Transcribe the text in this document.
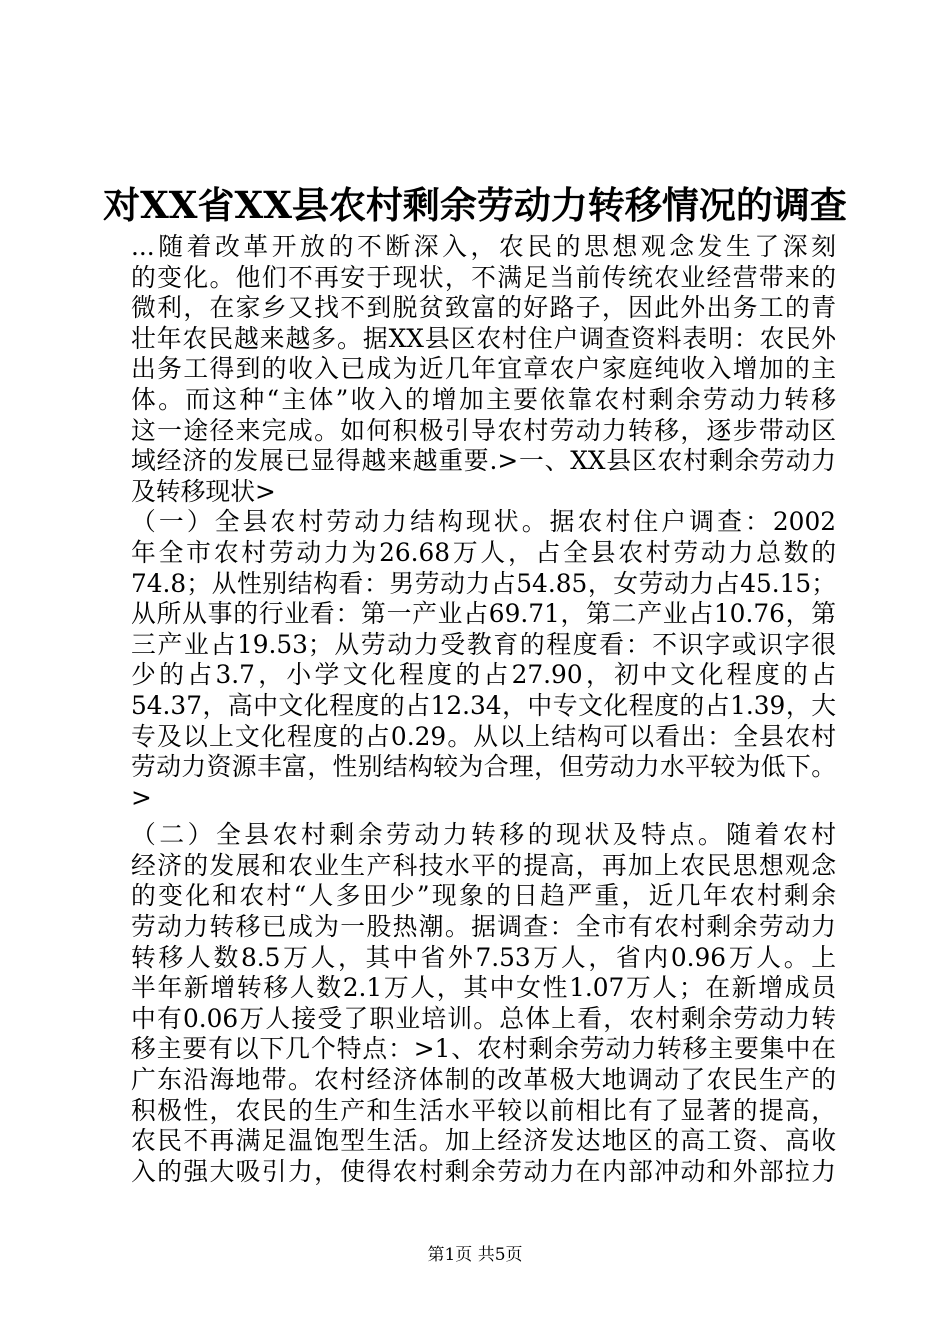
对XX省XX县农村剩余劳动力转移情况的调查
...随着改革开放的不断深入，农民的思想观念发生了深刻
的变化。他们不再安于现状，不满足当前传统农业经营带来的
微利，在家乡又找不到脱贫致富的好路子，因此外出务工的青
壮年农民越来越多。据XX县区农村住户调查资料表明：农民外
出务工得到的收入已成为近几年宜章农户家庭纯收入增加的主
体。而这种“主体”收入的增加主要依靠农村剩余劳动力转移
这一途径来完成。如何积极引导农村劳动力转移，逐步带动区
域经济的发展已显得越来越重要.>一、XX县区农村剩余劳动力
及转移现状>
（一）全县农村劳动力结构现状。据农村住户调查：2002
年全市农村劳动力为26.68万人，占全县农村劳动力总数的
74.8；从性别结构看：男劳动力占54.85，女劳动力占45.15；
从所从事的行业看：第一产业占69.71，第二产业占10.76，第
三产业占19.53；从劳动力受教育的程度看：不识字或识字很
少的占3.7，小学文化程度的占27.90，初中文化程度的占
54.37，高中文化程度的占12.34，中专文化程度的占1.39，大
专及以上文化程度的占0.29。从以上结构可以看出：全县农村
劳动力资源丰富，性别结构较为合理，但劳动力水平较为低下。
>
（二）全县农村剩余劳动力转移的现状及特点。随着农村
经济的发展和农业生产科技水平的提高，再加上农民思想观念
的变化和农村“人多田少”现象的日趋严重，近几年农村剩余
劳动力转移已成为一股热潮。据调查：全市有农村剩余劳动力
转移人数8.5万人，其中省外7.53万人，省内0.96万人。上
半年新增转移人数2.1万人，其中女性1.07万人；在新增成员
中有0.06万人接受了职业培训。总体上看，农村剩余劳动力转
移主要有以下几个特点：>1、农村剩余劳动力转移主要集中在
广东沿海地带。农村经济体制的改革极大地调动了农民生产的
积极性，农民的生产和生活水平较以前相比有了显著的提高，
农民不再满足温饱型生活。加上经济发达地区的高工资、高收
入的强大吸引力，使得农村剩余劳动力在内部冲动和外部拉力
第1页 共5页
